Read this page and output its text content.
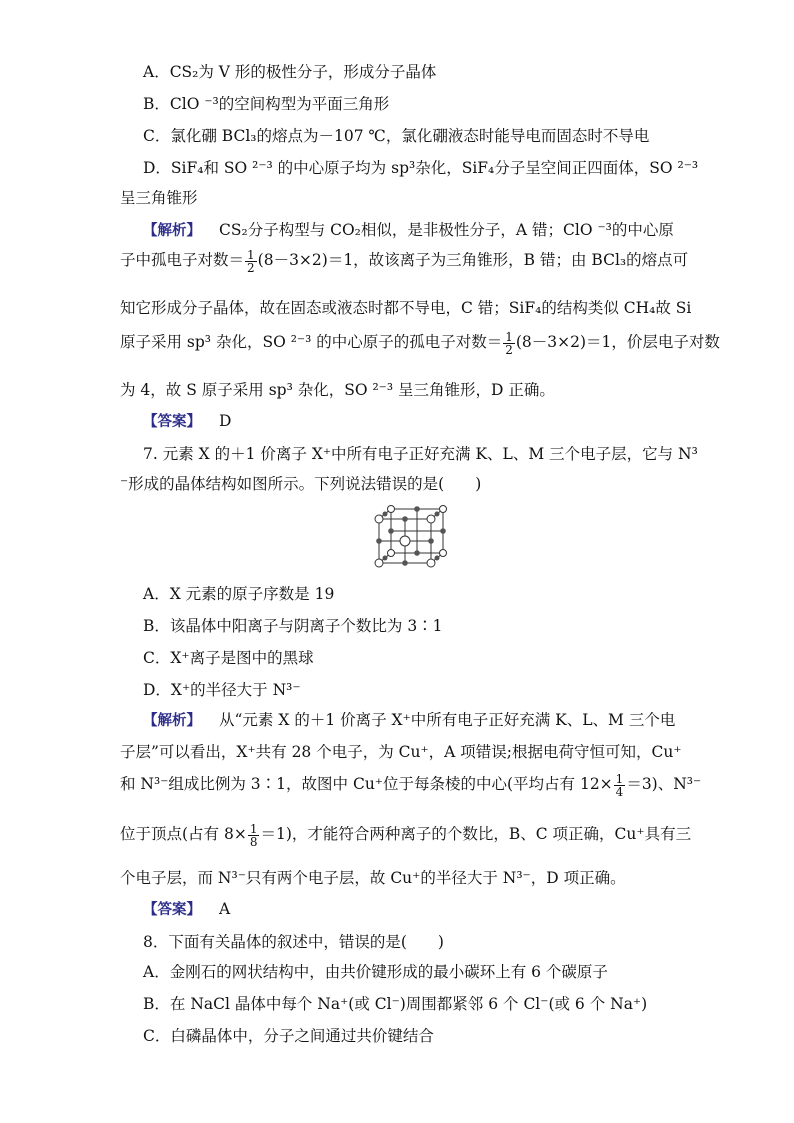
A．CS₂为 V 形的极性分子，形成分子晶体
B．ClO ⁻³的空间构型为平面三角形
C．氯化硼 BCl₃的熔点为－107 ℃，氯化硼液态时能导电而固态时不导电
D．SiF₄和 SO ²⁻³ 的中心原子均为 sp³杂化，SiF₄分子呈空间正四面体，SO ²⁻³
呈三角锥形
【解析】 CS₂分子构型与 CO₂相似，是非极性分子，A 错；ClO ⁻³的中心原
子中孤电子对数＝ $\frac{1}{2} (8-3\times 2)=1$，故该离子为三角锥形，B 错；由 BCl₃的熔点可
知它形成分子晶体，故在固态或液态时都不导电，C 错；SiF₄的结构类似 CH₄故 Si
原子采用 sp³ 杂化，SO ²⁻³ 的中心原子的孤电子对数＝ $\frac{1}{2} (8-3\times 2)=1$，价层电子对数
为 4，故 S 原子采用 sp³ 杂化，SO ²⁻³ 呈三角锥形，D 正确。
【答案】 D
7. 元素 X 的＋1 价离子 X⁺中所有电子正好充满 K、L、M 三个电子层，它与 N³
⁻形成的晶体结构如图所示。下列说法错误的是(　　)
A．X 元素的原子序数是 19
B．该晶体中阳离子与阴离子个数比为 3∶1
C．X⁺离子是图中的黑球
D．X⁺的半径大于 N³⁻
【解析】 从“元素 X 的＋1 价离子 X⁺中所有电子正好充满 K、L、M 三个电
子层”可以看出，X⁺共有 28 个电子，为 Cu⁺，A 项错误;根据电荷守恒可知，Cu⁺
和 N³⁻组成比例为 3∶1，故图中 Cu⁺位于每条棱的中心(平均占有 $12\times \frac{1}{4} =3$)、N³⁻
位于顶点(占有 $8\times \frac{1}{8} =1$)，才能符合两种离子的个数比，B、C 项正确，Cu⁺具有三
个电子层，而 N³⁻只有两个电子层，故 Cu⁺的半径大于 N³⁻，D 项正确。
【答案】 A
8．下面有关晶体的叙述中，错误的是(　　)
A．金刚石的网状结构中，由共价键形成的最小碳环上有 6 个碳原子
B．在 NaCl 晶体中每个 Na⁺(或 Cl⁻)周围都紧邻 6 个 Cl⁻(或 6 个 Na⁺)
C．白磷晶体中，分子之间通过共价键结合
